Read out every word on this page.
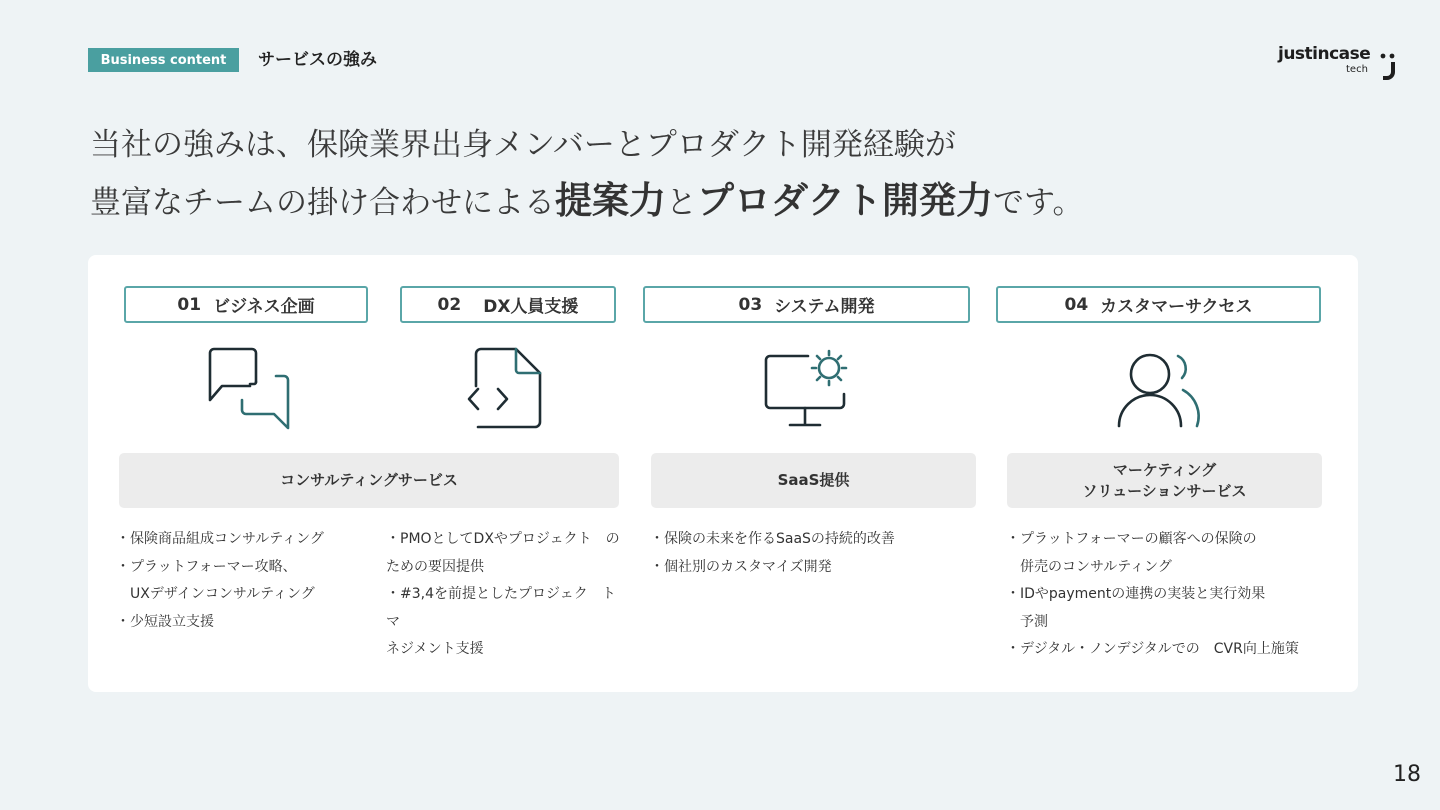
Business content	サービスの強み	justincase
tech
当社の強みは、保険業界出身メンバーとプロダクト開発経験が
豊富なチームの掛け合わせによる提案力とプロダクト開発力です。
01 ビジネス企画	02 DX人員支援	03 システム開発	04 カスタマーサクセス
コンサルティングサービス	SaaS提供
マーケティング
ソリューションサービス
・保険商品組成コンサルティング
・プラットフォーマー攻略、
　UXデザインコンサルティング
・少短設立支援
・PMOとしてDXやプロジェクト　の
ための要因提供
・#3,4を前提としたプロジェク　トマ
ネジメント支援
・保険の未来を作るSaaSの持続的改善
・個社別のカスタマイズ開発
・プラットフォーマーの顧客への保険の
　併売のコンサルティング
・IDやpaymentの連携の実装と実行効果
　予測
・デジタル・ノンデジタルでの　CVR向上施策
18
